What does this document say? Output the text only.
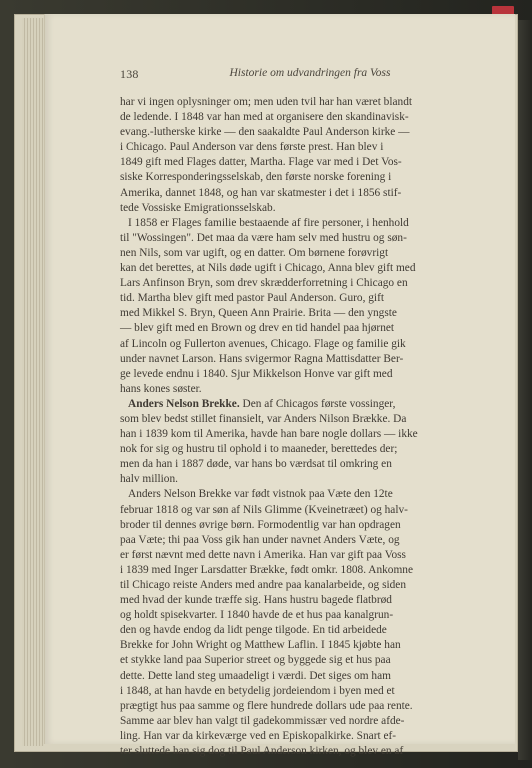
138	Historie om udvandringen fra Voss
har vi ingen oplysninger om; men uden tvil har han været blandt
de ledende. I 1848 var han med at organisere den skandinavisk-
evang.-lutherske kirke — den saakaldte Paul Anderson kirke —
i Chicago. Paul Anderson var dens første prest. Han blev i
1849 gift med Flages datter, Martha. Flage var med i Det Vos-
siske Korresponderingsselskab, den første norske forening i
Amerika, dannet 1848, og han var skatmester i det i 1856 stif-
tede Vossiske Emigrationsselskab.
I 1858 er Flages familie bestaaende af fire personer, i henhold
til "Wossingen". Det maa da være ham selv med hustru og søn-
nen Nils, som var ugift, og en datter. Om børnene forøvrigt
kan det berettes, at Nils døde ugift i Chicago, Anna blev gift med
Lars Anfinson Bryn, som drev skrædderforretning i Chicago en
tid. Martha blev gift med pastor Paul Anderson. Guro, gift
med Mikkel S. Bryn, Queen Ann Prairie. Brita — den yngste
— blev gift med en Brown og drev en tid handel paa hjørnet
af Lincoln og Fullerton avenues, Chicago. Flage og familie gik
under navnet Larson. Hans svigermor Ragna Mattisdatter Ber-
ge levede endnu i 1840. Sjur Mikkelson Honve var gift med
hans kones søster.
Anders Nelson Brekke. Den af Chicagos første vossinger,
som blev bedst stillet finansielt, var Anders Nilson Brække. Da
han i 1839 kom til Amerika, havde han bare nogle dollars — ikke
nok for sig og hustru til ophold i to maaneder, berettedes der;
men da han i 1887 døde, var hans bo værdsat til omkring en
halv million.
Anders Nelson Brekke var født vistnok paa Væte den 12te
februar 1818 og var søn af Nils Glimme (Kveinetræet) og halv-
broder til dennes øvrige børn. Formodentlig var han opdragen
paa Væte; thi paa Voss gik han under navnet Anders Væte, og
er først nævnt med dette navn i Amerika. Han var gift paa Voss
i 1839 med Inger Larsdatter Brække, født omkr. 1808. Ankomne
til Chicago reiste Anders med andre paa kanalarbeide, og siden
med hvad der kunde træffe sig. Hans hustru bagede flatbrød
og holdt spisekvarter. I 1840 havde de et hus paa kanalgrun-
den og havde endog da lidt penge tilgode. En tid arbeidede
Brekke for John Wright og Matthew Laflin. I 1845 kjøbte han
et stykke land paa Superior street og byggede sig et hus paa
dette. Dette land steg umaadeligt i værdi. Det siges om ham
i 1848, at han havde en betydelig jordeiendom i byen med et
prægtigt hus paa samme og flere hundrede dollars ude paa rente.
Samme aar blev han valgt til gadekommissær ved nordre afde-
ling. Han var da kirkeværge ved en Episkopalkirke. Snart ef-
ter sluttede han sig dog til Paul Anderson kirken, og blev en af
